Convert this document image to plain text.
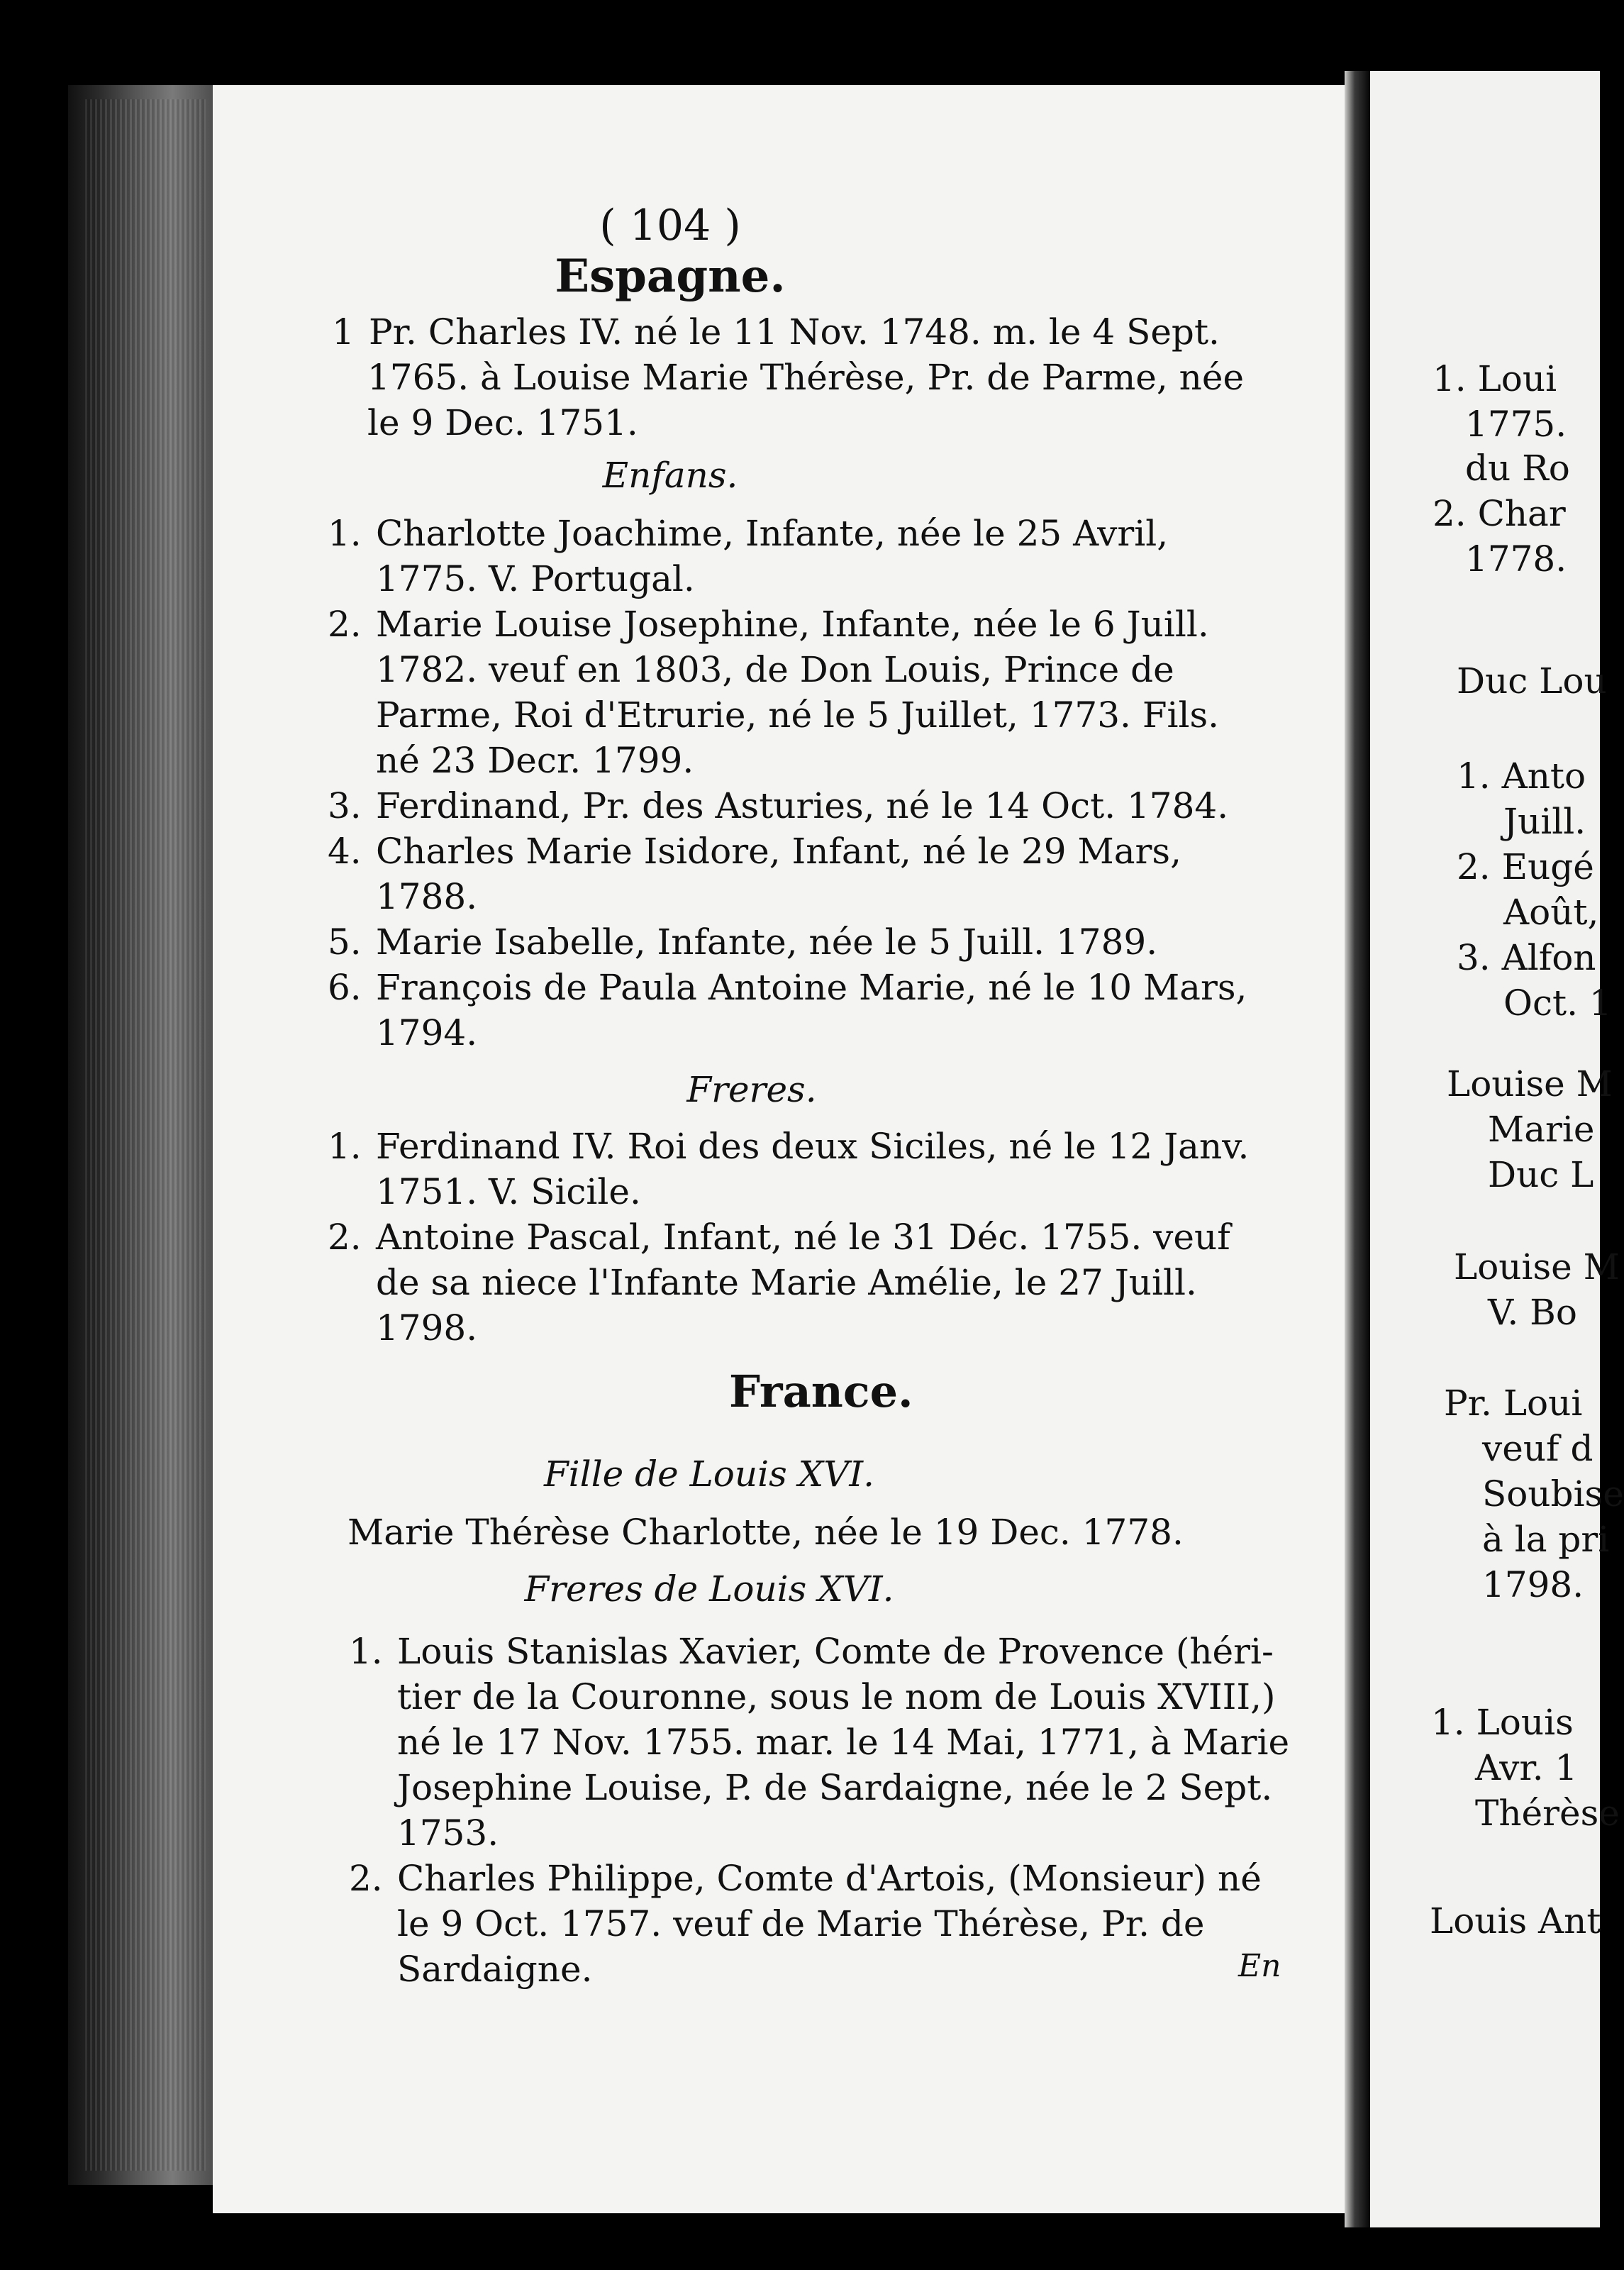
( 104 )
Espagne.
1 Pr. Charles IV. né le 11 Nov. 1748. m. le 4 Sept.
1765. à Louise Marie Thérèse, Pr. de Parme, née
le 9 Dec. 1751.
Enfans.
1. Charlotte Joachime, Infante, née le 25 Avril,
1775. V. Portugal.
2. Marie Louise Josephine, Infante, née le 6 Juill.
1782. veuf en 1803, de Don Louis, Prince de
Parme, Roi d'Etrurie, né le 5 Juillet, 1773. Fils.
né 23 Decr. 1799.
3. Ferdinand, Pr. des Asturies, né le 14 Oct. 1784.
4. Charles Marie Isidore, Infant, né le 29 Mars,
1788.
5. Marie Isabelle, Infante, née le 5 Juill. 1789.
6. François de Paula Antoine Marie, né le 10 Mars,
1794.
Freres.
1. Ferdinand IV. Roi des deux Siciles, né le 12 Janv.
1751. V. Sicile.
2. Antoine Pascal, Infant, né le 31 Déc. 1755. veuf
de sa niece l'Infante Marie Amélie, le 27 Juill.
1798.
France.
Fille de Louis XVI.
Marie Thérèse Charlotte, née le 19 Dec. 1778.
Freres de Louis XVI.
1. Louis Stanislas Xavier, Comte de Provence (héri-
tier de la Couronne, sous le nom de Louis XVIII,)
né le 17 Nov. 1755. mar. le 14 Mai, 1771, à Marie
Josephine Louise, P. de Sardaigne, née le 2 Sept.
1753.
2. Charles Philippe, Comte d'Artois, (Monsieur) né
le 9 Oct. 1757. veuf de Marie Thérèse, Pr. de
Sardaigne.	En
1. Loui
1775.
du Ro
2. Char
1778.
Duc Lou
1. Anto
Juill.
2. Eugé
Août,
3. Alfon
Oct. 1
Louise M
Marie
Duc L
Louise M
V. Bo
Pr. Loui
veuf d
Soubise
à la pri
1798.
1. Louis
Avr. 1
Thérèse
Louis Ant
